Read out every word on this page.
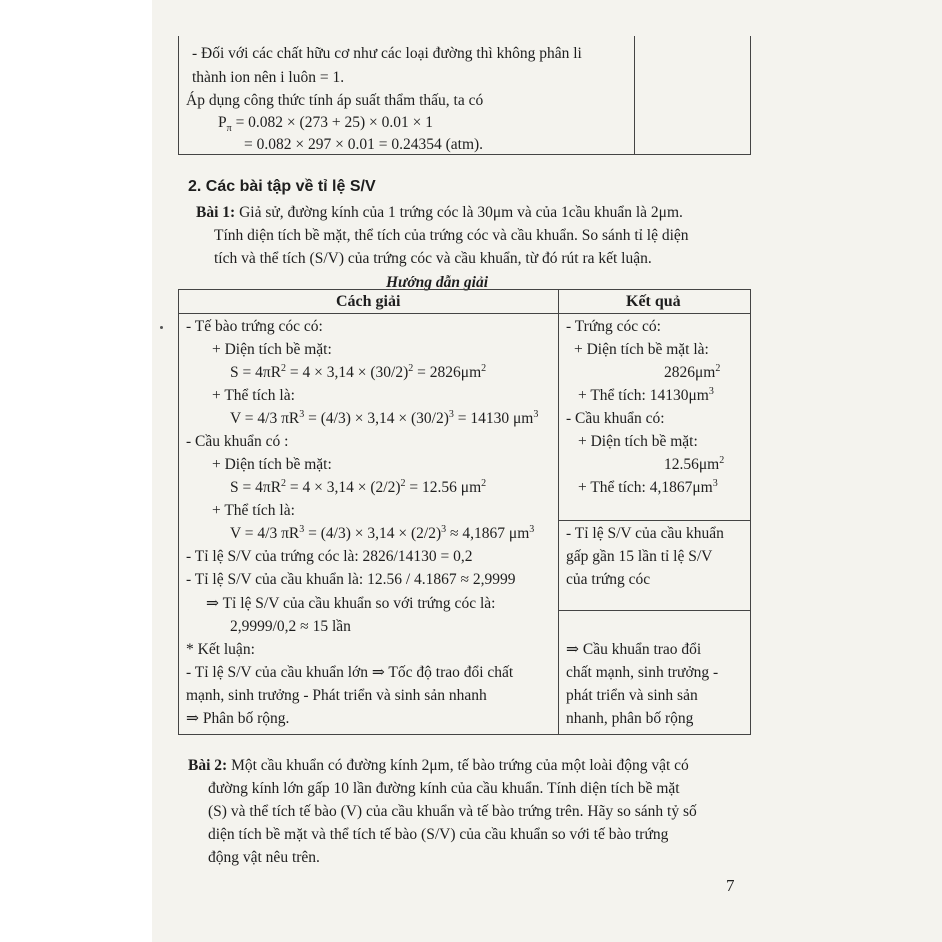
- Đối với các chất hữu cơ như các loại đường thì không phân li
thành ion nên i luôn = 1.
Áp dụng công thức tính áp suất thẩm thấu, ta có
$P_\pi = 0.082 \times (273 + 25) \times 0.01 \times 1$
= 0.082 × 297 × 0.01 = 0.24354 (atm).
2. Các bài tập về tỉ lệ S/V
Bài 1: Giả sử, đường kính của 1 trứng cóc là 30μm và của 1cầu khuẩn là 2μm.
Tính diện tích bề mặt, thể tích của trứng cóc và cầu khuẩn. So sánh tỉ lệ diện
tích và thể tích (S/V) của trứng cóc và cầu khuẩn, từ đó rút ra kết luận.
Hướng dẫn giải
Cách giải	Kết quả
- Tế bào trứng cóc có:
+ Diện tích bề mặt:
$S = 4\pi R^2 = 4 \times 3,14 \times (30/2)^2 = 2826\mu m^2$
+ Thể tích là:
V = 4/3 $\pi R^3 = (4/3) \times 3,14 \times (30/2)^3 = 14130$ $\mu m^3$
- Cầu khuẩn có :
+ Diện tích bề mặt:
$S = 4\pi R^2 = 4 \times 3,14 \times (2/2)^2 = 12.56$ $\mu m^2$
+ Thể tích là:
V = 4/3 $\pi R^3 = (4/3) \times 3,14 \times (2/2)^3 \approx 4,1867$ $\mu m^3$
- Tỉ lệ S/V của trứng cóc là: 2826/14130 = 0,2
- Tỉ lệ S/V của cầu khuẩn là: 12.56 / 4.1867 ≈ 2,9999
⇒ Tỉ lệ S/V của cầu khuẩn so với trứng cóc là:
2,9999/0,2 ≈ 15 lần
* Kết luận:
- Tỉ lệ S/V của cầu khuẩn lớn ⇒ Tốc độ trao đổi chất
mạnh, sinh trưởng - Phát triển và sinh sản nhanh
⇒ Phân bố rộng.
- Trứng cóc có:
+ Diện tích bề mặt là:
$2826\mu m^2$
+ Thể tích: $14130\mu m^3$
- Cầu khuẩn có:
+ Diện tích bề mặt:
$12.56\mu m^2$
+ Thể tích: $4,1867\mu m^3$
- Tỉ lệ S/V của cầu khuẩn
gấp gần 15 lần tỉ lệ S/V
của trứng cóc
⇒ Cầu khuẩn trao đổi
chất mạnh, sinh trưởng -
phát triển và sinh sản
nhanh, phân bố rộng
Bài 2: Một cầu khuẩn có đường kính 2μm, tế bào trứng của một loài động vật có
đường kính lớn gấp 10 lần đường kính của cầu khuẩn. Tính diện tích bề mặt
(S) và thể tích tế bào (V) của cầu khuẩn và tế bào trứng trên. Hãy so sánh tỷ số
diện tích bề mặt và thể tích tế bào (S/V) của cầu khuẩn so với tế bào trứng
động vật nêu trên.
7
